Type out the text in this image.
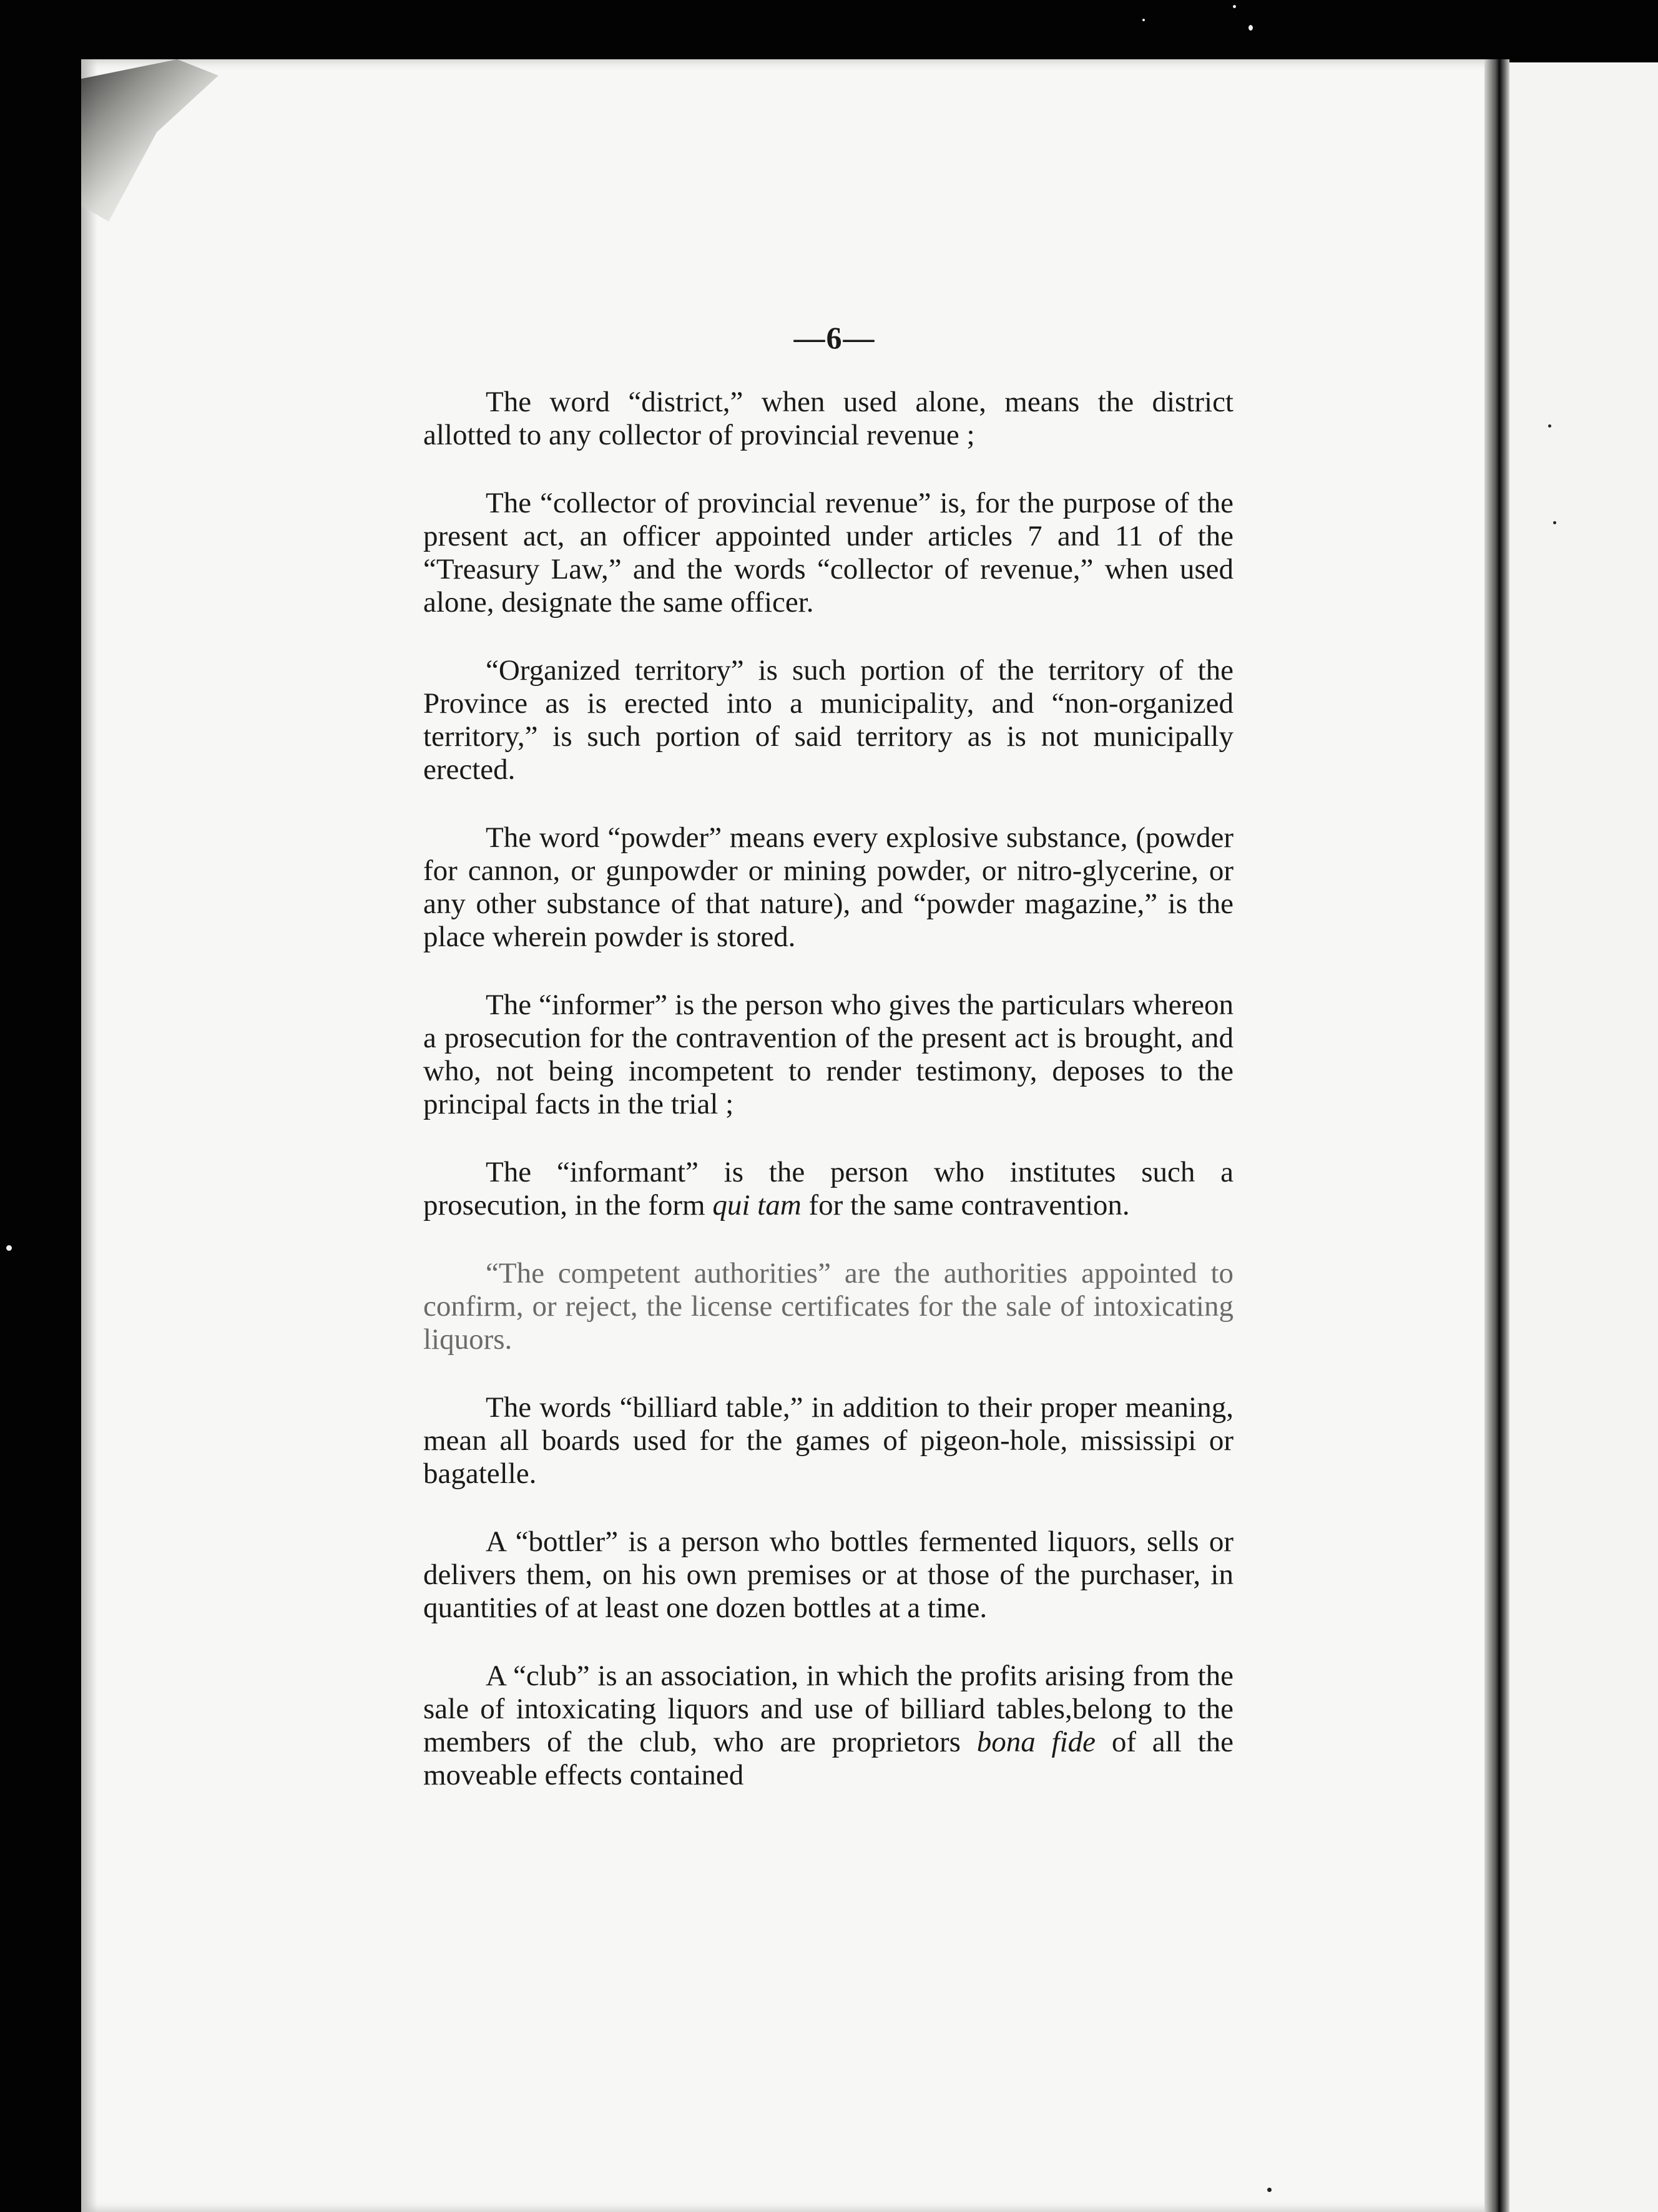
—6—

The word “district,” when used alone, means the district allotted to any collector of provincial revenue ;

The “collector of provincial revenue” is, for the purpose of the present act, an officer appointed under articles 7 and 11 of the “Treasury Law,” and the words “collector of revenue,” when used alone, designate the same officer.

“Organized territory” is such portion of the territory of the Province as is erected into a municipality, and “non-organized territory,” is such portion of said territory as is not municipally erected.

The word “powder” means every explosive substance, (powder for cannon, or gunpowder or mining powder, or nitro-glycerine, or any other substance of that nature), and “powder magazine,” is the place wherein powder is stored.

The “informer” is the person who gives the particulars whereon a prosecution for the contravention of the present act is brought, and who, not being incompetent to render testimony, deposes to the principal facts in the trial ;

The “informant” is the person who institutes such a prosecution, in the form qui tam for the same contravention.

“The competent authorities” are the authorities appointed to confirm, or reject, the license certificates for the sale of intoxicating liquors.

The words “billiard table,” in addition to their proper meaning, mean all boards used for the games of pigeon-hole, mississipi or bagatelle.

A “bottler” is a person who bottles fermented liquors, sells or delivers them, on his own premises or at those of the purchaser, in quantities of at least one dozen bottles at a time.

A “club” is an association, in which the profits arising from the sale of intoxicating liquors and use of billiard tables,belong to the members of the club, who are proprietors bona fide of all the moveable effects contained
